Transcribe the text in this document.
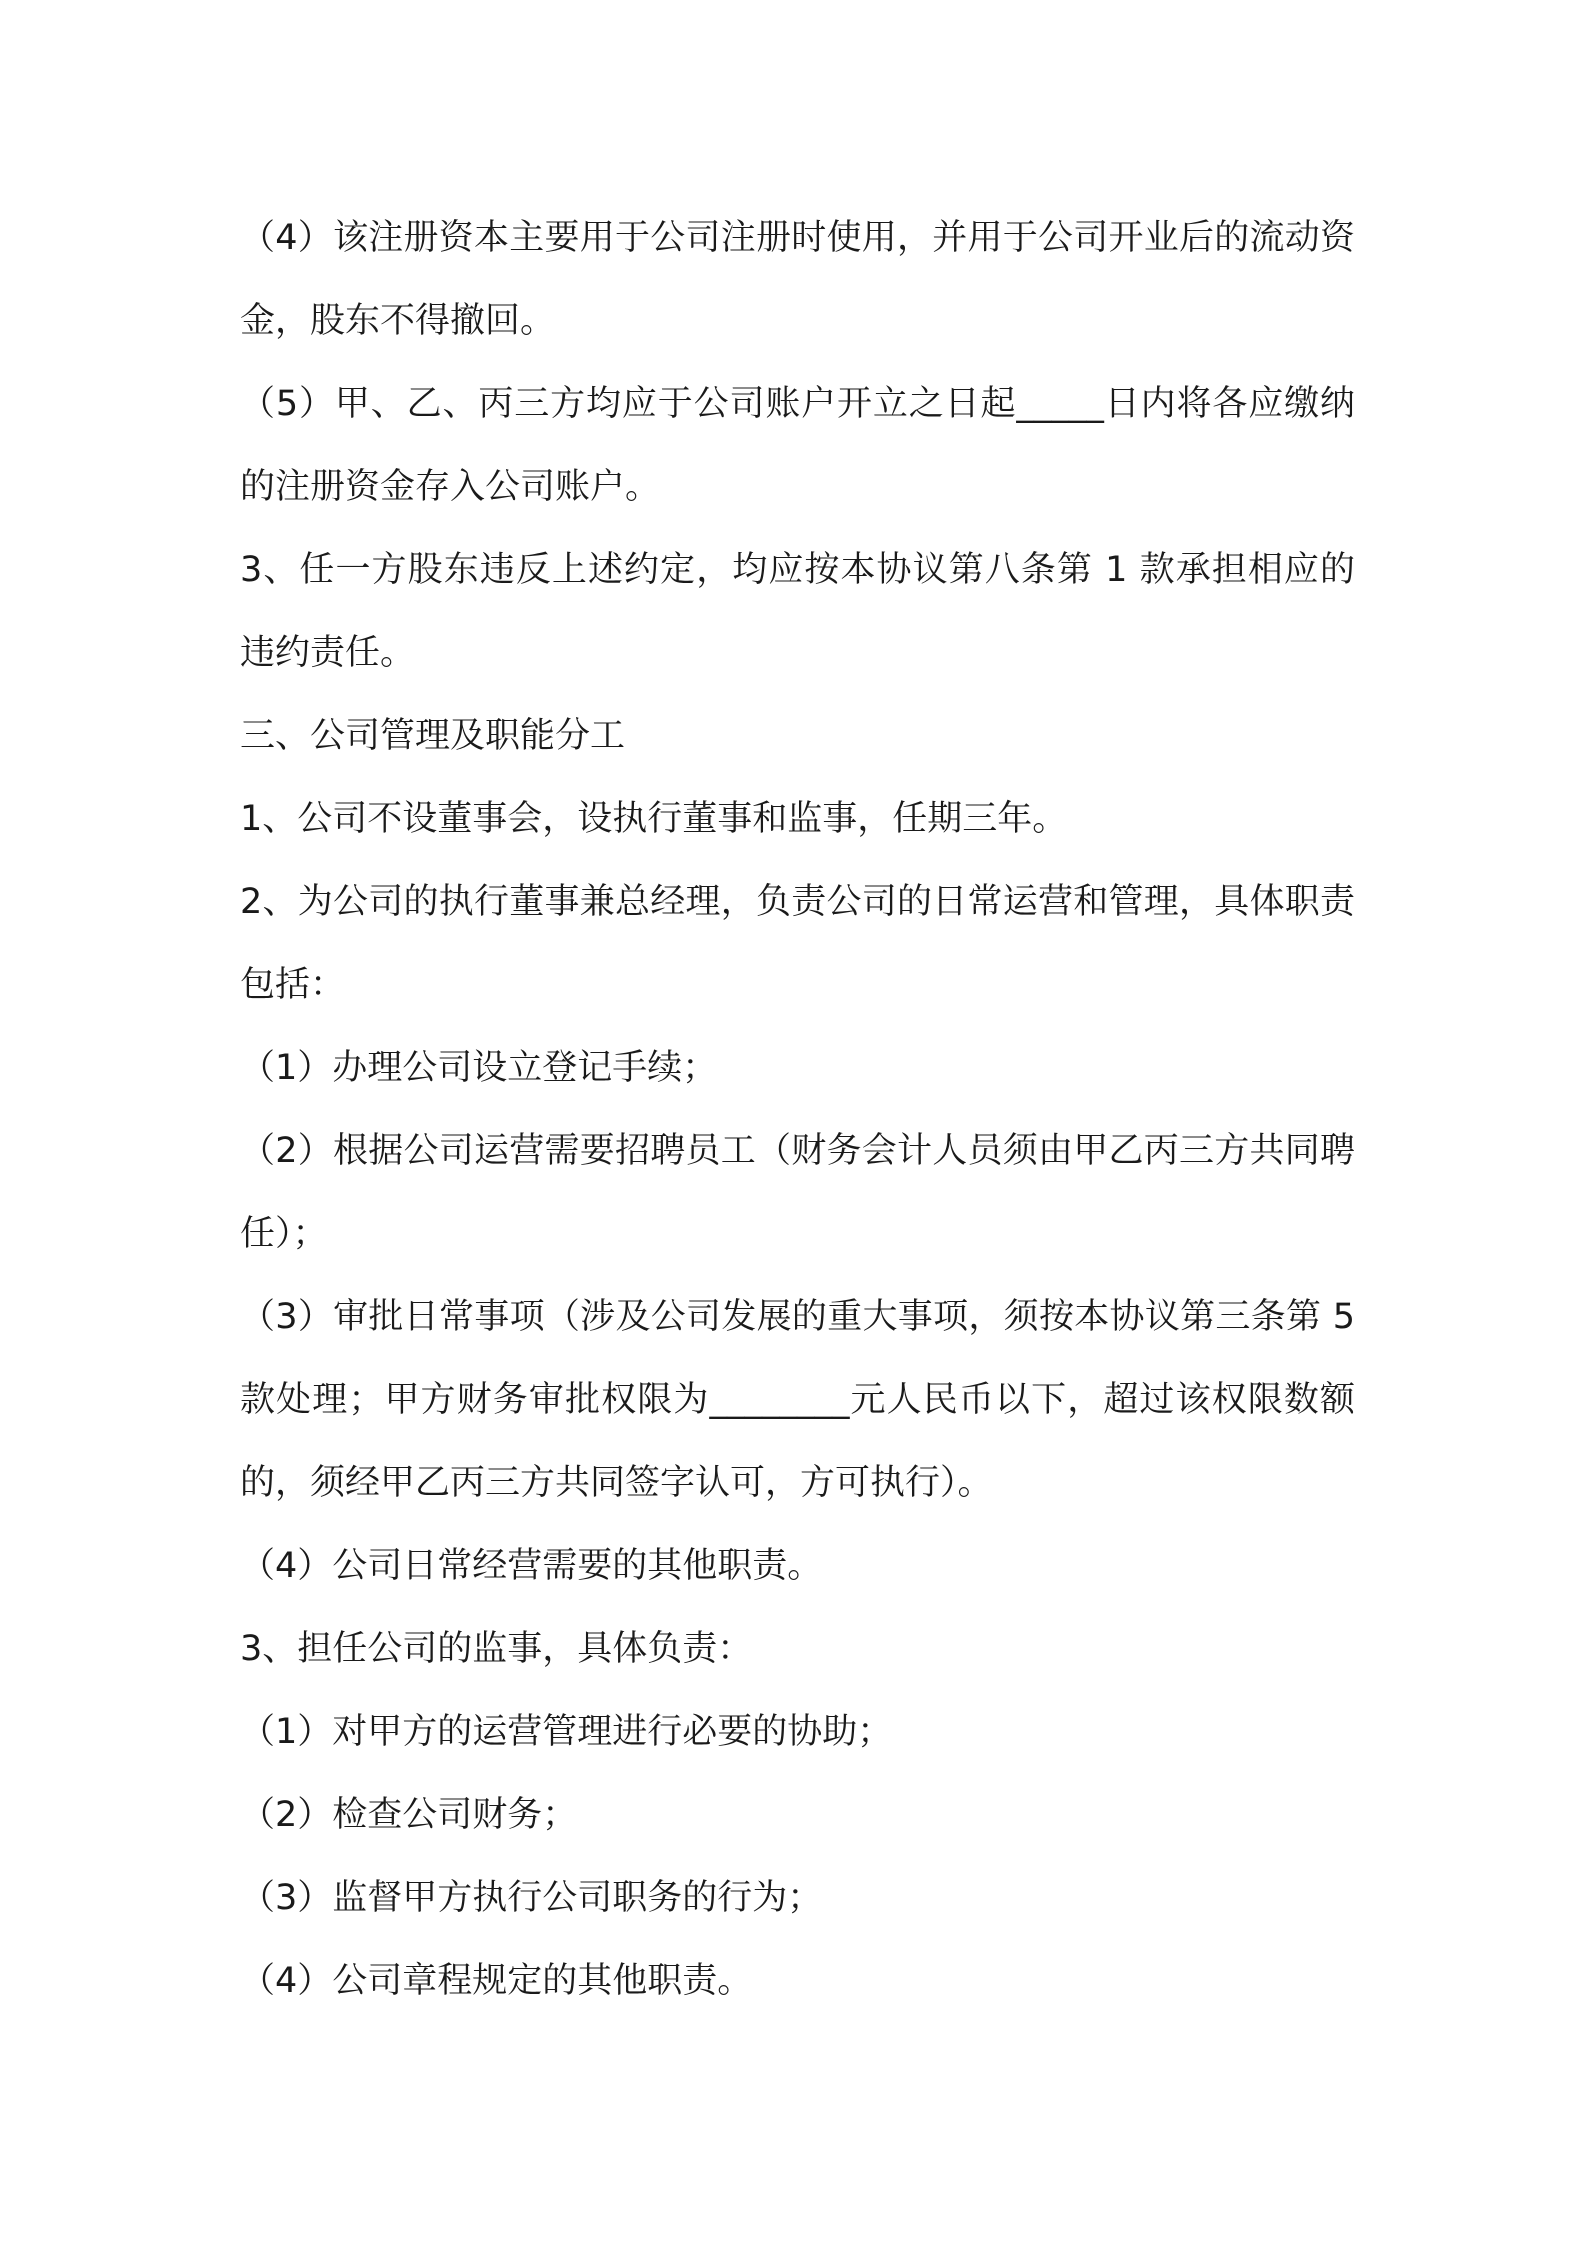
（4）该注册资本主要用于公司注册时使用，并用于公司开业后的流动资金，股东不得撤回。

（5）甲、乙、丙三方均应于公司账户开立之日起_____日内将各应缴纳的注册资金存入公司账户。

3、任一方股东违反上述约定，均应按本协议第八条第 1 款承担相应的违约责任。

三、公司管理及职能分工

1、公司不设董事会，设执行董事和监事，任期三年。

2、为公司的执行董事兼总经理，负责公司的日常运营和管理，具体职责包括：

（1）办理公司设立登记手续；

（2）根据公司运营需要招聘员工（财务会计人员须由甲乙丙三方共同聘任）；

（3）审批日常事项（涉及公司发展的重大事项，须按本协议第三条第 5 款处理；甲方财务审批权限为________元人民币以下，超过该权限数额的，须经甲乙丙三方共同签字认可，方可执行）。

（4）公司日常经营需要的其他职责。

3、担任公司的监事，具体负责：

（1）对甲方的运营管理进行必要的协助；

（2）检查公司财务；

（3）监督甲方执行公司职务的行为；

（4）公司章程规定的其他职责。
